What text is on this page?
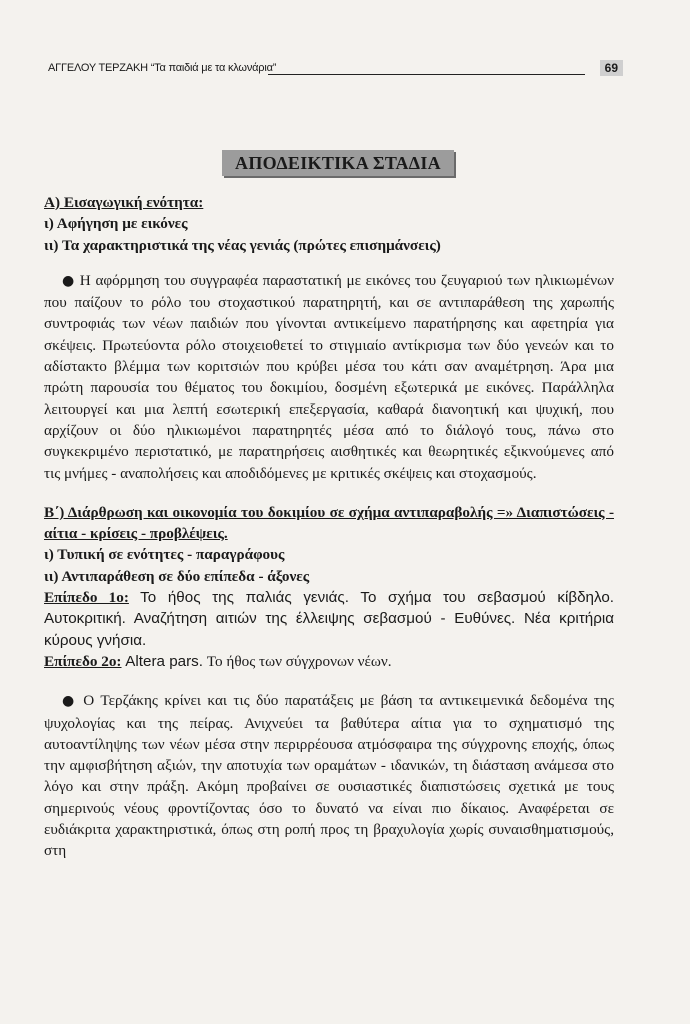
ΑΓΓΕΛΟΥ ΤΕΡΖΑΚΗ “Τα παιδιά με τα κλωνάρια”	69
ΑΠΟΔΕΙΚΤΙΚΑ ΣΤΑΔΙΑ

Α) Εισαγωγική ενότητα:

ι) Αφήγηση με εικόνες

ιι) Τα χαρακτηριστικά της νέας γενιάς (πρώτες επισημάνσεις)

● Η αφόρμηση του συγγραφέα παραστατική με εικόνες του ζευγαριού των ηλικιωμένων που παίζουν το ρόλο του στοχαστικού παρατηρητή, και σε αντιπαράθεση της χαρωπής συντροφιάς των νέων παιδιών που γίνονται αντικείμενο παρατήρησης και αφετηρία για σκέψεις. Πρωτεύοντα ρόλο στοιχειοθετεί το στιγμιαίο αντίκρισμα των δύο γενεών και το αδίστακτο βλέμμα των κοριτσιών που κρύβει μέσα του κάτι σαν αναμέτρηση. Άρα μια πρώτη παρουσία του θέματος του δοκιμίου, δοσμένη εξωτερικά με εικόνες. Παράλληλα λειτουργεί και μια λεπτή εσωτερική επεξεργασία, καθαρά διανοητική και ψυχική, που αρχίζουν οι δύο ηλικιωμένοι παρατηρητές μέσα από το διάλογό τους, πάνω στο συγκεκριμένο περιστατικό, με παρατηρήσεις αισθητικές και θεωρητικές εξικνούμενες από τις μνήμες - αναπολήσεις και αποδιδόμενες με κριτικές σκέψεις και στοχασμούς.

Β΄) Διάρθρωση και οικονομία του δοκιμίου σε σχήμα αντιπαραβολής =» Διαπιστώσεις - αίτια - κρίσεις - προβλέψεις.

ι) Τυπική σε ενότητες - παραγράφους

ιι) Αντιπαράθεση σε δύο επίπεδα - άξονες

Επίπεδο 1ο: Το ήθος της παλιάς γενιάς. Το σχήμα του σεβασμού κίβδηλο. Αυτοκριτική. Αναζήτηση αιτιών της έλλειψης σεβασμού - Ευθύνες. Νέα κριτήρια κύρους γνήσια.

Επίπεδο 2ο: Altera pars. Το ήθος των σύγχρονων νέων.

● Ο Τερζάκης κρίνει και τις δύο παρατάξεις με βάση τα αντικειμενικά δεδομένα της ψυχολογίας και της πείρας. Ανιχνεύει τα βαθύτερα αίτια για το σχηματισμό της αυτοαντίληψης των νέων μέσα στην περιρρέουσα ατμόσφαιρα της σύγχρονης εποχής, όπως την αμφισβήτηση αξιών, την αποτυχία των οραμάτων - ιδανικών, τη διάσταση ανάμεσα στο λόγο και στην πράξη. Ακόμη προβαίνει σε ουσιαστικές διαπιστώσεις σχετικά με τους σημερινούς νέους φροντίζοντας όσο το δυνατό να είναι πιο δίκαιος. Αναφέρεται σε ευδιάκριτα χαρακτηριστικά, όπως στη ροπή προς τη βραχυλογία χωρίς συναισθηματισμούς, στη
